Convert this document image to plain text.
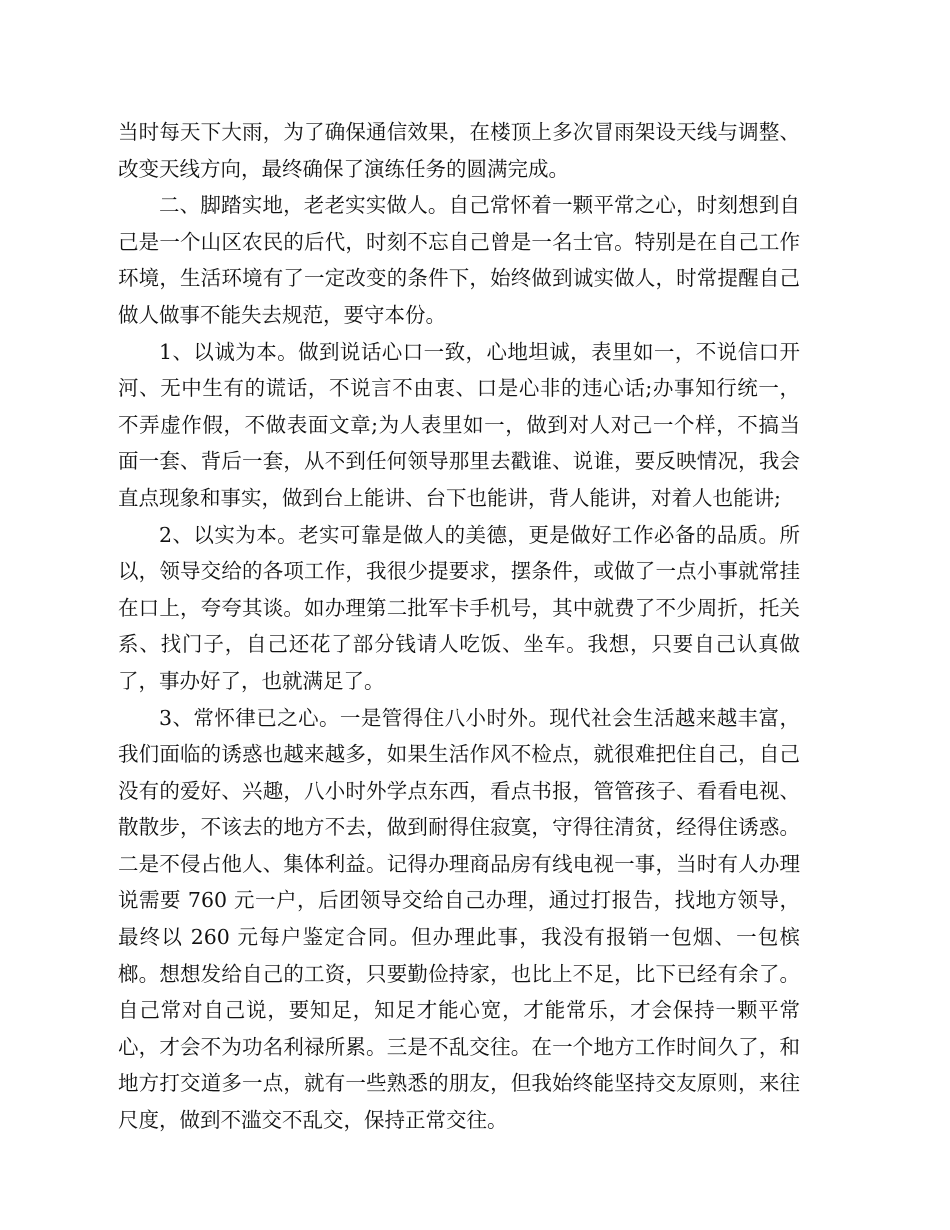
当时每天下大雨，为了确保通信效果，在楼顶上多次冒雨架设天线与调整、改变天线方向，最终确保了演练任务的圆满完成。

二、脚踏实地，老老实实做人。自己常怀着一颗平常之心，时刻想到自己是一个山区农民的后代，时刻不忘自己曾是一名士官。特别是在自己工作环境，生活环境有了一定改变的条件下，始终做到诚实做人，时常提醒自己做人做事不能失去规范，要守本份。

1、以诚为本。做到说话心口一致，心地坦诚，表里如一，不说信口开河、无中生有的谎话，不说言不由衷、口是心非的违心话;办事知行统一，不弄虚作假，不做表面文章;为人表里如一，做到对人对己一个样，不搞当面一套、背后一套，从不到任何领导那里去戳谁、说谁，要反映情况，我会直点现象和事实，做到台上能讲、台下也能讲，背人能讲，对着人也能讲;

2、以实为本。老实可靠是做人的美德，更是做好工作必备的品质。所以，领导交给的各项工作，我很少提要求，摆条件，或做了一点小事就常挂在口上，夸夸其谈。如办理第二批军卡手机号，其中就费了不少周折，托关系、找门子，自己还花了部分钱请人吃饭、坐车。我想，只要自己认真做了，事办好了，也就满足了。

3、常怀律已之心。一是管得住八小时外。现代社会生活越来越丰富，我们面临的诱惑也越来越多，如果生活作风不检点，就很难把住自己，自己没有的爱好、兴趣，八小时外学点东西，看点书报，管管孩子、看看电视、散散步，不该去的地方不去，做到耐得住寂寞，守得往清贫，经得住诱惑。二是不侵占他人、集体利益。记得办理商品房有线电视一事，当时有人办理说需要 760 元一户，后团领导交给自己办理，通过打报告，找地方领导，最终以 260 元每户鉴定合同。但办理此事，我没有报销一包烟、一包槟榔。想想发给自己的工资，只要勤俭持家，也比上不足，比下已经有余了。自己常对自己说，要知足，知足才能心宽，才能常乐，才会保持一颗平常心，才会不为功名利禄所累。三是不乱交往。在一个地方工作时间久了，和地方打交道多一点，就有一些熟悉的朋友，但我始终能坚持交友原则，来往尺度，做到不滥交不乱交，保持正常交往。
